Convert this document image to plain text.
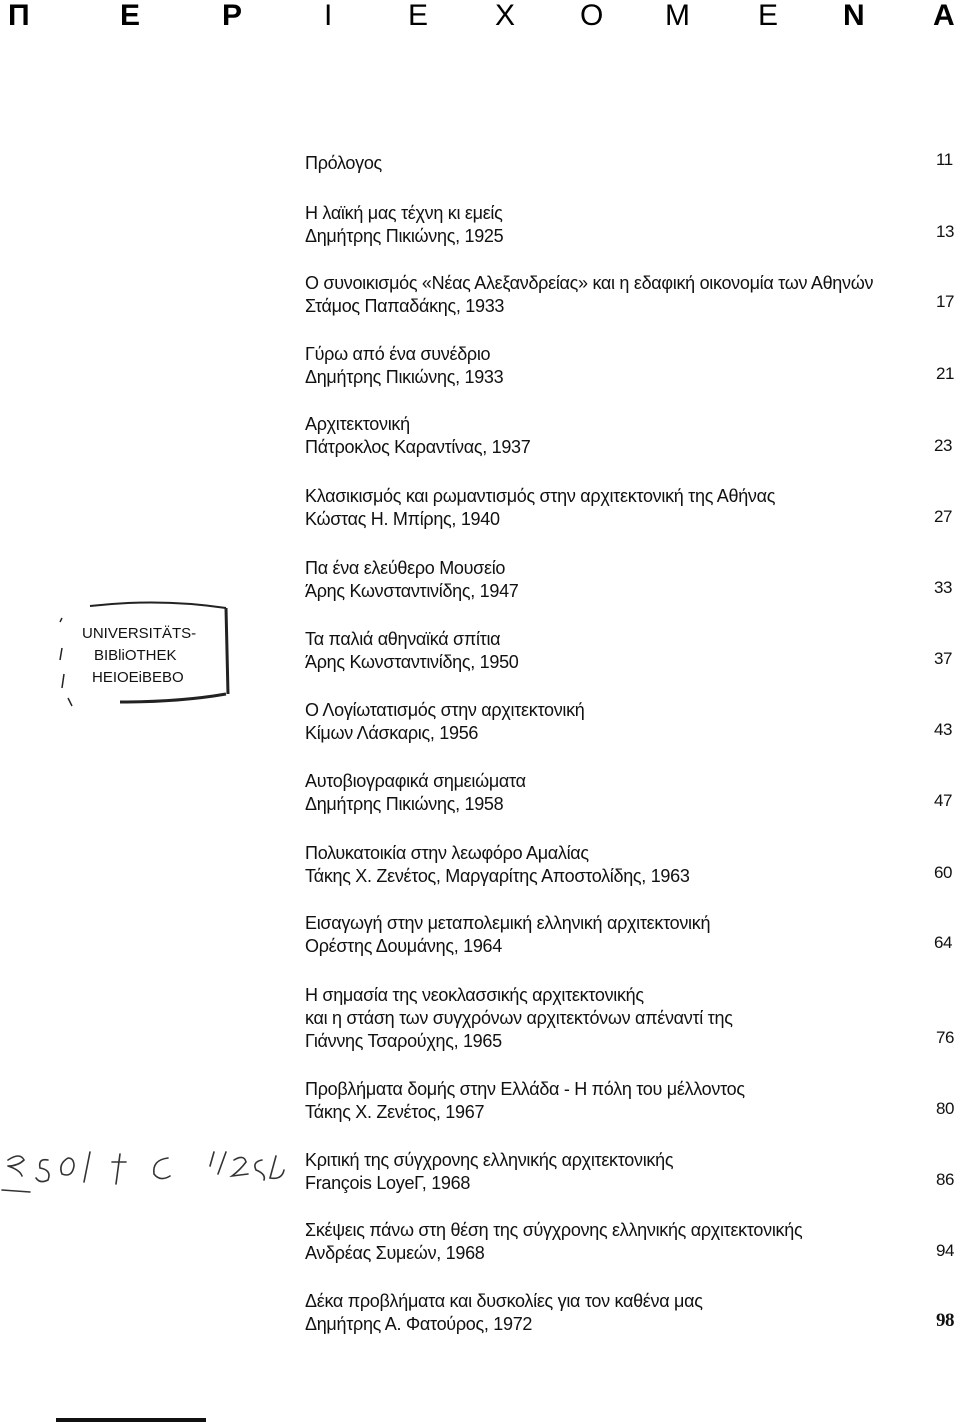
Π	Ε	Ρ	Ι	Ε Χ Ο Μ Ε Ν Α
UNIVERSITÄTS-
BIBliOTHEK
HEIOEiBEBO
Πρόλογος	11
Η λαϊκή μας τέχνη κι εμείς
Δημήτρης Πικιώνης, 1925	13
Ο συνοικισμός «Νέας Αλεξανδρείας» και η εδαφική οικονομία των Αθηνών
Στάμος Παπαδάκης, 1933	17
Γύρω από ένα συνέδριο
Δημήτρης Πικιώνης, 1933	21
Αρχιτεκτονική
Πάτροκλος Καραντίνας, 1937	23
Κλασικισμός και ρωμαντισμός στην αρχιτεκτονική της Αθήνας
Κώστας Η. Μπίρης, 1940	27
Πα ένα ελεύθερο Μουσείο
Άρης Κωνσταντινίδης, 1947	33
Τα παλιά αθηναϊκά σπίτια
Άρης Κωνσταντινίδης, 1950	37
Ο Λογίωτατισμός στην αρχιτεκτονική
Κίμων Λάσκαρις, 1956	43
Αυτοβιογραφικά σημειώματα
Δημήτρης Πικιώνης, 1958	47
Πολυκατοικία στην λεωφόρο Αμαλίας
Τάκης Χ. Ζενέτος, Μαργαρίτης Αποστολίδης, 1963	60
Εισαγωγή στην μεταπολεμική ελληνική αρχιτεκτονική
Ορέστης Δουμάνης, 1964	64
Η σημασία της νεοκλασσικής αρχιτεκτονικής
και η στάση των συγχρόνων αρχιτεκτόνων απέναντί της
Γιάννης Τσαρούχης, 1965	76
Προβλήματα δομής στην Ελλάδα - Η πόλη του μέλλοντος
Τάκης Χ. Ζενέτος, 1967	80
Κριτική της σύγχρονης ελληνικής αρχιτεκτονικής
François LoyeΓ, 1968	86
Σκέψεις πάνω στη θέση της σύγχρονης ελληνικής αρχιτεκτονικής
Ανδρέας Συμεών, 1968	94
Δέκα προβλήματα και δυσκολίες για τον καθένα μας
Δημήτρης Α. Φατούρος, 1972	98
